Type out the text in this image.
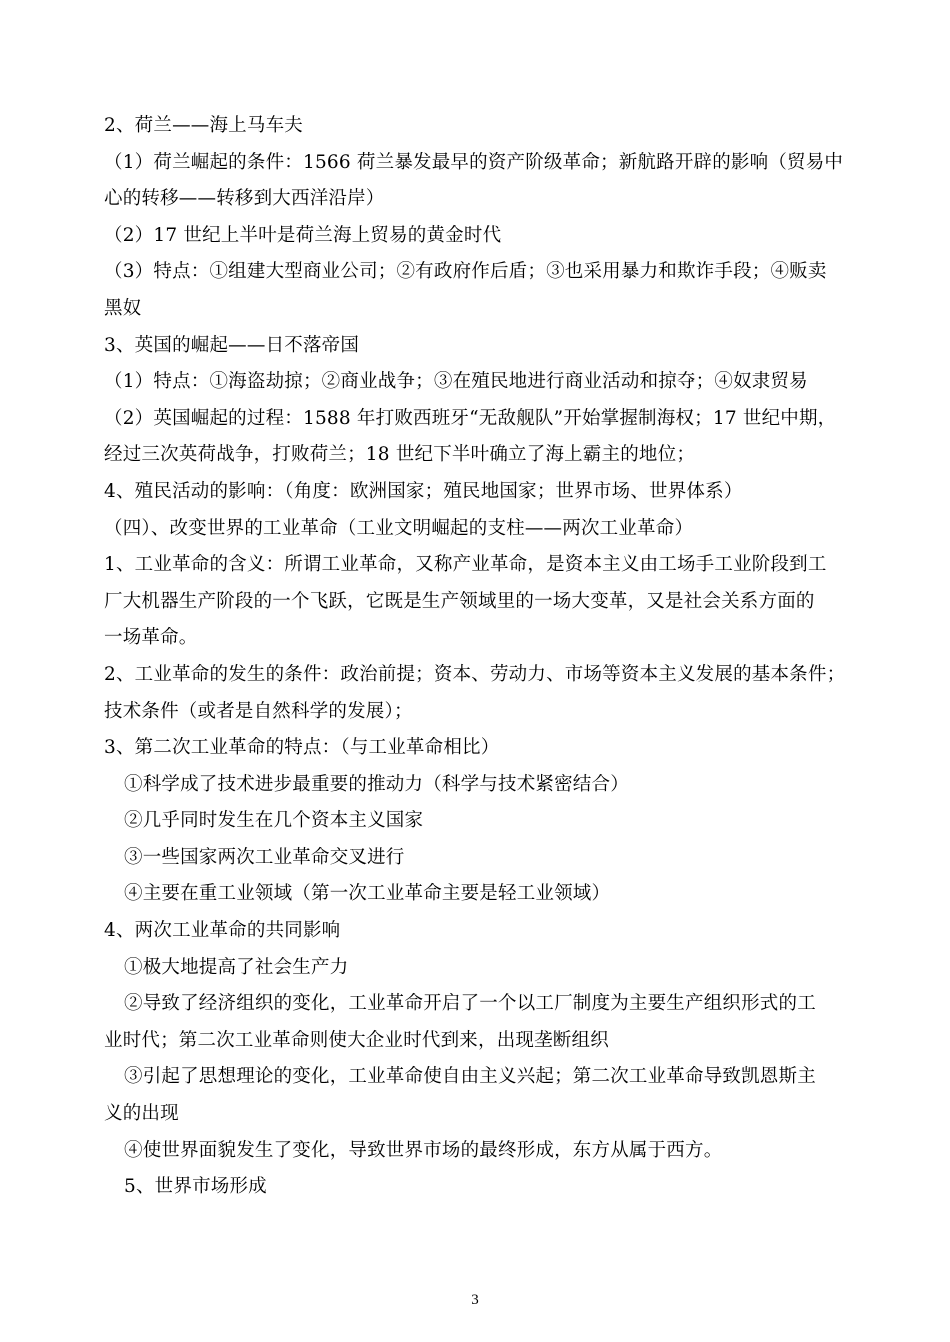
2、荷兰——海上马车夫
（1）荷兰崛起的条件：1566 荷兰暴发最早的资产阶级革命；新航路开辟的影响（贸易中
心的转移——转移到大西洋沿岸）
（2）17 世纪上半叶是荷兰海上贸易的黄金时代
（3）特点：①组建大型商业公司；②有政府作后盾；③也采用暴力和欺诈手段；④贩卖
黑奴
3、英国的崛起——日不落帝国
（1）特点：①海盗劫掠；②商业战争；③在殖民地进行商业活动和掠夺；④奴隶贸易
（2）英国崛起的过程：1588 年打败西班牙“无敌舰队”开始掌握制海权；17 世纪中期，
经过三次英荷战争，打败荷兰；18 世纪下半叶确立了海上霸主的地位；
4、殖民活动的影响：（角度：欧洲国家；殖民地国家；世界市场、世界体系）
（四）、改变世界的工业革命（工业文明崛起的支柱——两次工业革命）
1、工业革命的含义：所谓工业革命，又称产业革命，是资本主义由工场手工业阶段到工
厂大机器生产阶段的一个飞跃，它既是生产领域里的一场大变革，又是社会关系方面的
一场革命。
2、工业革命的发生的条件：政治前提；资本、劳动力、市场等资本主义发展的基本条件；
技术条件（或者是自然科学的发展）；
3、第二次工业革命的特点：（与工业革命相比）
①科学成了技术进步最重要的推动力（科学与技术紧密结合）
②几乎同时发生在几个资本主义国家
③一些国家两次工业革命交叉进行
④主要在重工业领域（第一次工业革命主要是轻工业领域）
4、两次工业革命的共同影响
①极大地提高了社会生产力
②导致了经济组织的变化，工业革命开启了一个以工厂制度为主要生产组织形式的工
业时代；第二次工业革命则使大企业时代到来，出现垄断组织
③引起了思想理论的变化，工业革命使自由主义兴起；第二次工业革命导致凯恩斯主
义的出现
④使世界面貌发生了变化，导致世界市场的最终形成，东方从属于西方。
5、世界市场形成
3
